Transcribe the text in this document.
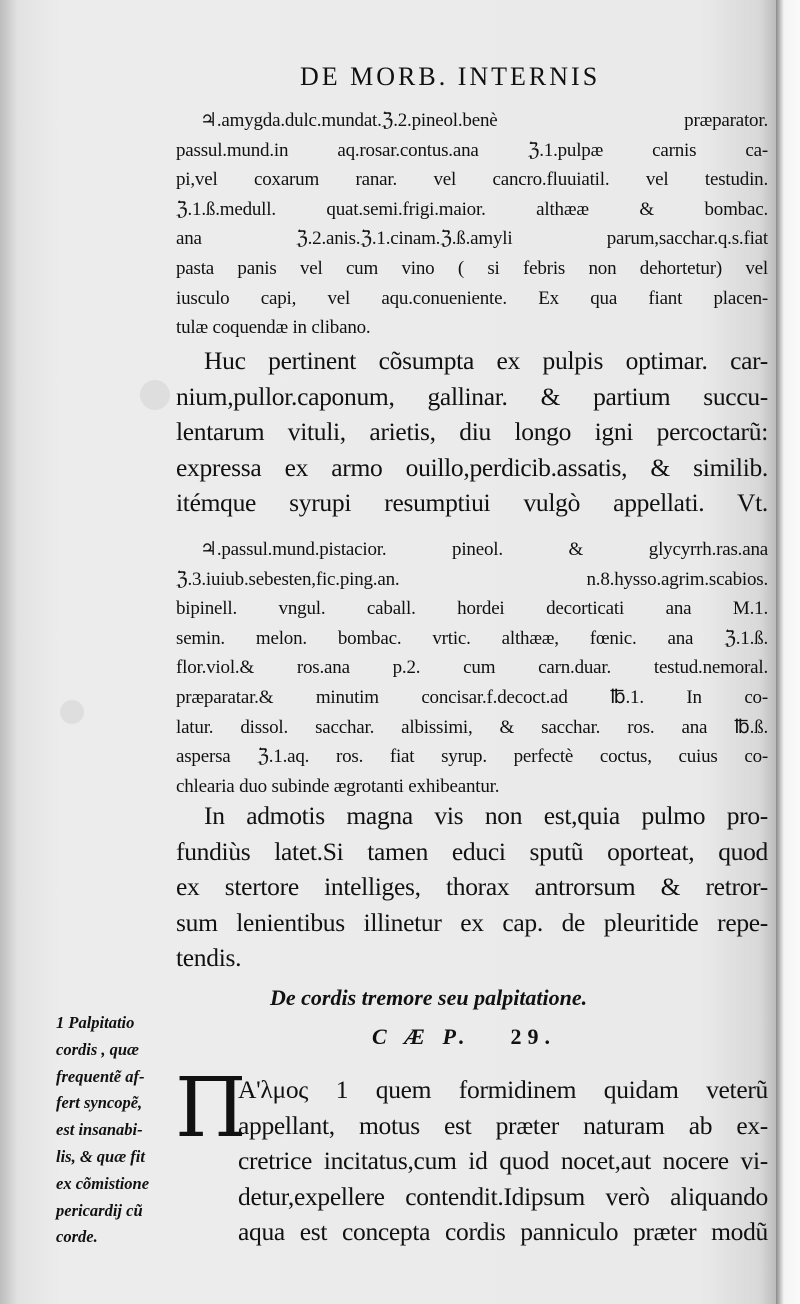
DE MORB. INTERNIS
♃.amygda.dulc.mundat.ℨ.2.pineol.benè præparator.
passul.mund.in aq.rosar.contus.ana ℨ.1.pulpæ carnis ca-
pi,vel coxarum ranar. vel cancro.fluuiatil. vel testudin.
ℨ.1.ß.medull. quat.semi.frigi.maior. althææ & bombac.
ana ℨ.2.anis.ℨ.1.cinam.ℨ.ß.amyli parum,sacchar.q.s.fiat
pasta panis vel cum vino ( si febris non dehortetur) vel
iusculo capi, vel aqu.conueniente. Ex qua fiant placen-
tulæ coquendæ in clibano.
Huc pertinent cõsumpta ex pulpis optimar. car-
nium,pullor.caponum, gallinar. & partium succu-
lentarum vituli, arietis, diu longo igni percoctarũ:
expressa ex armo ouillo,perdicib.assatis, & similib.
itémque syrupi resumptiui vulgò appellati. Vt.
♃.passul.mund.pistacior. pineol. & glycyrrh.ras.ana
ℨ.3.iuiub.sebesten,fic.ping.an. n.8.hysso.agrim.scabios.
bipinell. vngul. caball. hordei decorticati ana M.1.
semin. melon. bombac. vrtic. althææ, fœnic. ana ℨ.1.ß.
flor.viol.& ros.ana p.2. cum carn.duar. testud.nemoral.
præparatar.& minutim concisar.f.decoct.ad ℔.1. In co-
latur. dissol. sacchar. albissimi, & sacchar. ros. ana ℔.ß.
aspersa ℨ.1.aq. ros. fiat syrup. perfectè coctus, cuius co-
chlearia duo subinde ægrotanti exhibeantur.
In admotis magna vis non est,quia pulmo pro-
fundiùs latet.Si tamen educi sputũ oporteat, quod
ex stertore intelliges, thorax antrorsum & retror-
sum lenientibus illinetur ex cap. de pleuritide repe-
tendis.
De cordis tremore seu palpitatione.
C Æ P. 29.
1 Palpitatio
cordis , quæ
frequentẽ af-
fert syncopẽ,
est insanabi-
lis, & quæ fit
ex cõmistione
pericardij cũ
corde.
Π
A'λμος 1 quem formidinem quidam veterũ
appellant, motus est præter naturam ab ex-
cretrice incitatus,cum id quod nocet,aut nocere vi-
detur,expellere contendit.Idipsum verò aliquando
aqua est concepta cordis panniculo præter modũ
